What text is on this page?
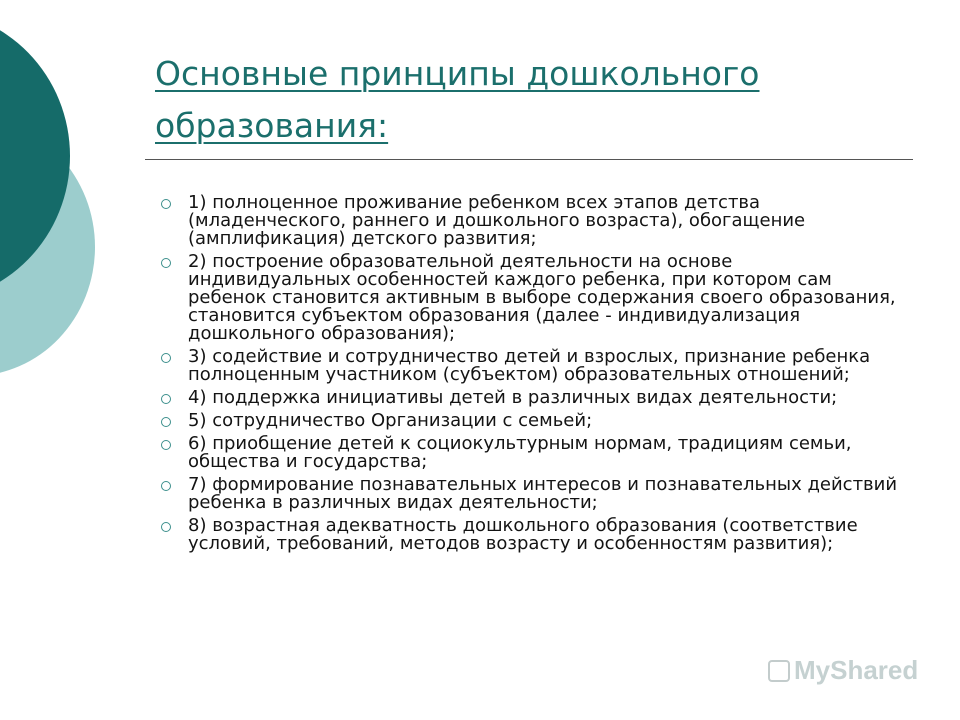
Основные принципы дошкольного образования:
1) полноценное проживание ребенком всех этапов детства (младенческого, раннего и дошкольного возраста), обогащение (амплификация) детского развития;
2) построение образовательной деятельности на основе индивидуальных особенностей каждого ребенка, при котором сам ребенок становится активным в выборе содержания своего образования, становится субъектом образования (далее - индивидуализация дошкольного образования);
3) содействие и сотрудничество детей и взрослых, признание ребенка полноценным участником (субъектом) образовательных отношений;
4) поддержка инициативы детей в различных видах деятельности;
5) сотрудничество Организации с семьей;
6) приобщение детей к социокультурным нормам, традициям семьи, общества и государства;
7) формирование познавательных интересов и познавательных действий ребенка в различных видах деятельности;
8) возрастная адекватность дошкольного образования (соответствие условий, требований, методов возрасту и особенностям развития);
MyShared
